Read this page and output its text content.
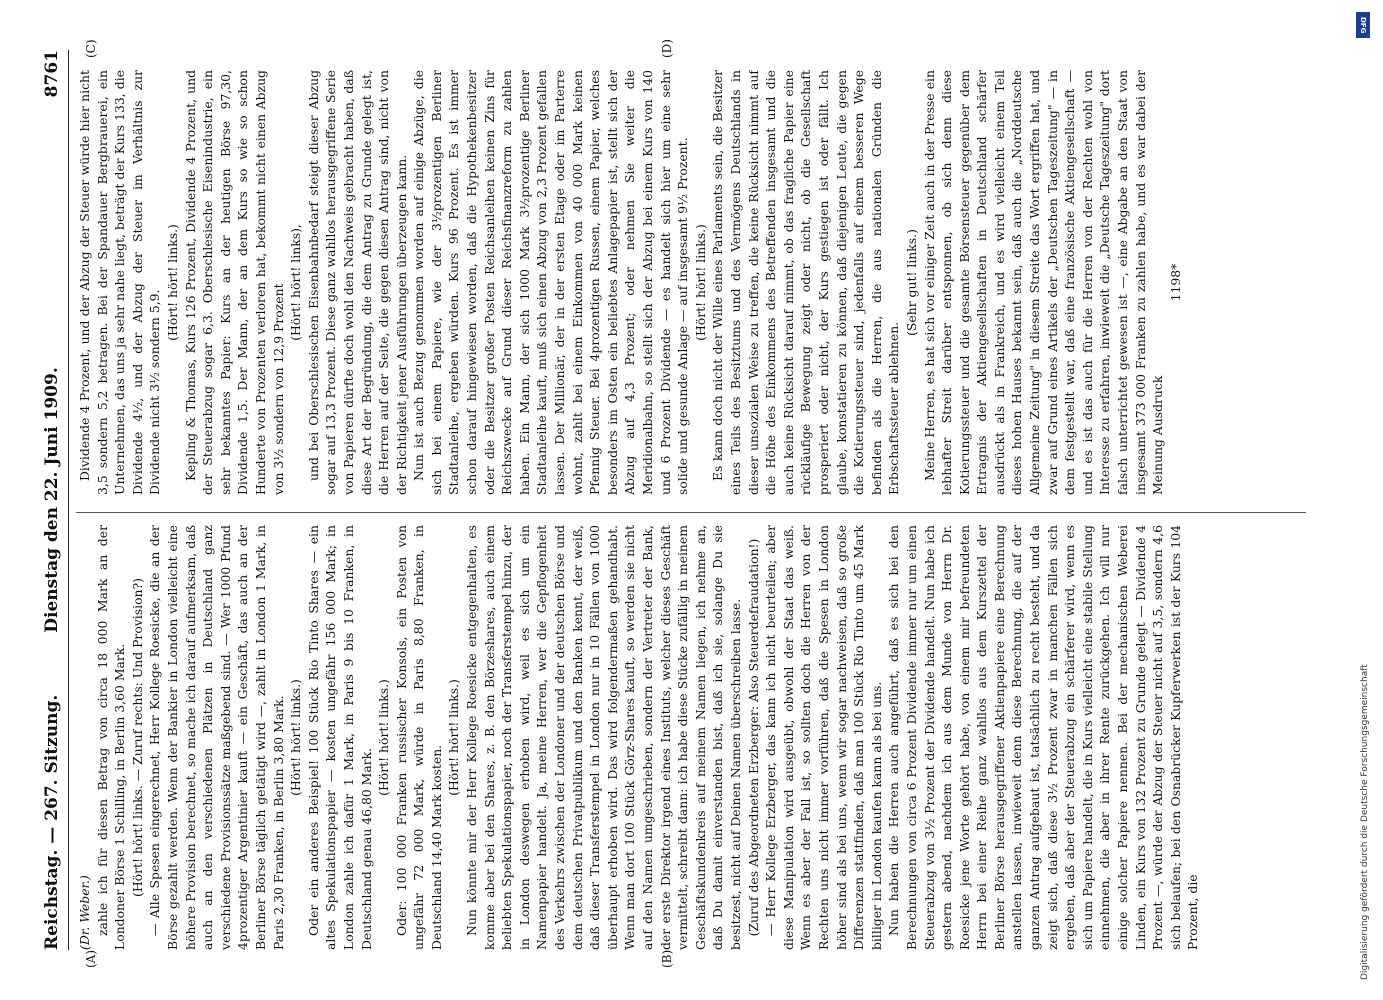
DFG
Digitalisierung gefördert durch die Deutsche Forschungsgemeinschaft
Reichstag. — 267. Sitzung.
Dienstag den 22. Juni 1909.
8761
(A)	(B)
(C)	(D)

(Dr. Weber.) zahle ich für diesen Betrag von circa 18 000 Mark an der Londoner Börse 1 Schilling, in Berlin 3,60 Mark. (Hört! hört! links. — Zuruf rechts: Und Provision?) — Alle Spesen eingerechnet, Herr Kollege Roesicke, die an der Börse gezahlt werden. Wenn der Bankier in London vielleicht eine höhere Provision berechnet, so mache ich darauf aufmerksam, daß auch an den verschiedenen Plätzen in Deutschland ganz verschiedene Provisionssätze maßgebend sind. — Wer 1000 Pfund 4prozentiger Argentinier kauft — ein Geschäft, das auch an der Berliner Börse täglich getätigt wird —, zahlt in London 1 Mark, in Paris 2,30 Franken, in Berlin 3,80 Mark. (Hört! hört! links.) Oder ein anderes Beispiel! 100 Stück Rio Tinto Shares — ein altes Spekulationspapier — kosten ungefähr 156 000 Mark; in London zahle ich dafür 1 Mark, in Paris 9 bis 10 Franken, in Deutschland genau 46,80 Mark.

(Hört! hört! links.) Oder: 100 000 Franken russischer Konsols, ein Posten von ungefähr 72 000 Mark, würde in Paris 8,80 Franken, in Deutschland 14,40 Mark kosten.

(Hört! hört! links.) Nun könnte mir der Herr Kollege Roesicke entgegenhalten, es komme aber bei den Shares, z. B. den Börzeshares, auch einem beliebten Spekulationspapier, noch der Transferstempel hinzu, der in London deswegen erhoben wird, weil es sich um ein Namenpapier handelt. Ja, meine Herren, wer die Gepflogenheit des Verkehrs zwischen der Londoner und der deutschen Börse und dem deutschen Privatpublikum und den Banken kennt, der weiß, daß dieser Transferstempel in London nur in 10 Fällen von 1000 überhaupt erhoben wird. Das wird folgendermaßen gehandhabt. Wenn man dort 100 Stück Görz-Shares kauft, so werden sie nicht auf den Namen umgeschrieben, sondern der Vertreter der Bank, der erste Direktor irgend eines Instituts, welcher dieses Geschäft vermittelt, schreibt dann: ich habe diese Stücke zufällig in meinem Geschäftskundenkreis auf meinem Namen liegen, ich nehme an, daß Du damit einverstanden bist, daß ich sie, solange Du sie besitzest, nicht auf Deinen Namen überschreiben lasse. (Zuruf des Abgeordneten Erzberger: Also Steuerdefraudation!) — Herr Kollege Erzberger, das kann ich nicht beurteilen; aber diese Manipulation wird ausgeübt, obwohl der Staat das weiß. Wenn es aber der Fall ist, so sollten doch die Herren von der Rechten uns nicht immer vorführen, daß die Spesen in London höher sind als bei uns, wenn wir sogar nachweisen, daß so große Differenzen stattfinden, daß man 100 Stück Rio Tinto um 45 Mark billiger in London kaufen kann als bei uns. Nun haben die Herren auch angeführt, daß es sich bei den Berechnungen von circa 6 Prozent Dividende immer nur um einen Steuerabzug von 3½ Prozent der Dividende handelt. Nun habe ich gestern abend, nachdem ich aus dem Munde von Herrn Dr. Roesicke jene Worte gehört habe, von einem mir befreundeten Herrn bei einer Reihe ganz wahllos aus dem Kurszettel der Berliner Börse herausgegriffener Aktienpapiere eine Berechnung anstellen lassen, inwieweit denn diese Berechnung, die auf der ganzen Antrag aufgebaut ist, tatsächlich zu recht besteht, und da zeigt sich, daß diese 3½ Prozent zwar in manchen Fällen sich ergeben, daß aber der Steuerabzug ein schärferer wird, wenn es sich um Papiere handelt, die in Kurs vielleicht eine stabile Stellung einnehmen, die aber in ihrer Rente zurückgehen. Ich will nur einige solcher Papiere nennen. Bei der mechanischen Weberei Linden, ein Kurs von 132 Prozent zu Grunde gelegt — Dividende 4 Prozent —, würde der Abzug der Steuer nicht auf 3,5, sondern 4,6 sich belaufen; bei den Osnabrücker Kupferwerken ist der Kurs 104 Prozent, die

Dividende 4 Prozent, und der Abzug der Steuer würde hier nicht 3,5 sondern 5,2 betragen. Bei der Spandauer Bergbrauerei, ein Unternehmen, das uns ja sehr nahe liegt, beträgt der Kurs 133, die Dividende 4½, und der Abzug der Steuer im Verhältnis zur Dividende nicht 3½ sondern 5,9.

(Hört! hört! links.) Kepling & Thomas, Kurs 126 Prozent, Dividende 4 Prozent, und der Steuerabzug sogar 6,3. Oberschlesische Eisenindustrie, ein sehr bekanntes Papier: Kurs an der heutigen Börse 97,30, Dividende 1,5. Der Mann, der an dem Kurs so wie so schon Hunderte von Prozenten verloren hat, bekommt nicht einen Abzug von 3½ sondern von 12,9 Prozent

(Hört! hört! links), und bei Oberschlesischen Eisenbahnbedarf steigt dieser Abzug sogar auf 13,3 Prozent. Diese ganz wahllos herausgegriffene Serie von Papieren dürfte doch wohl den Nachweis gebracht haben, daß diese Art der Begründung, die dem Antrag zu Grunde gelegt ist, die Herren auf der Seite, die gegen diesen Antrag sind, nicht von der Richtigkeit jener Ausführungen überzeugen kann. Nun ist auch Bezug genommen worden auf einige Abzüge, die sich bei einem Papiere, wie der 3½prozentigen Berliner Stadtanleihe, ergeben würden. Kurs 96 Prozent. Es ist immer schon darauf hingewiesen worden, daß die Hypothekenbesitzer oder die Besitzer großer Posten Reichsanleihen keinen Zins für Reichszwecke auf Grund dieser Reichsfinanzreform zu zahlen haben. Ein Mann, der sich 1000 Mark 3½prozentige Berliner Stadtanleihe kauft, muß sich einen Abzug von 2,3 Prozent gefallen lassen. Der Millionär, der in der ersten Etage oder im Parterre wohnt, zahlt bei einem Einkommen von 40 000 Mark keinen Pfennig Steuer. Bei 4prozentigen Russen, einem Papier, welches besonders im Osten ein beliebtes Anlagepapier ist, stellt sich der Abzug auf 4,3 Prozent; oder nehmen Sie weiter die Meridionalbahn, so stellt sich der Abzug bei einem Kurs von 140 und 6 Prozent Dividende — es handelt sich hier um eine sehr solide und gesunde Anlage — auf insgesamt 9½ Prozent. (Hört! hört! links.) Es kann doch nicht der Wille eines Parlaments sein, die Besitzer eines Teils des Besitztums und des Vermögens Deutschlands in dieser unsozialen Weise zu treffen, die keine Rücksicht nimmt auf die Höhe des Einkommens des Betreffenden insgesamt und die auch keine Rücksicht darauf nimmt, ob das fragliche Papier eine rückläufige Bewegung zeigt oder nicht, ob die Gesellschaft prosperiert oder nicht, der Kurs gestiegen ist oder fällt. Ich glaube, konstatieren zu können, daß diejenigen Leute, die gegen die Kotierungssteuer sind, jedenfalls auf einem besseren Wege befinden als die Herren, die aus nationalen Gründen die Erbschaftssteuer ablehnen.

(Sehr gut! links.) Meine Herren, es hat sich vor einiger Zeit auch in der Presse ein lebhafter Streit darüber entsponnen, ob sich denn diese Kotierungssteuer und die gesamte Börsensteuer gegenüber dem Ertragnis der Aktiengesellschaften in Deutschland schärfer ausdrückt als in Frankreich, und es wird vielleicht einem Teil dieses hohen Hauses bekannt sein, daß auch die „Norddeutsche Allgemeine Zeitung" in diesem Streite das Wort ergriffen hat, und zwar auf Grund eines Artikels der „Deutschen Tageszeitung" — in dem festgestellt war, daß eine französische Aktiengesellschaft — und es ist das auch für die Herren von der Rechten wohl von Interesse zu erfahren, inwieweit die „Deutsche Tageszeitung" dort falsch unterrichtet gewesen ist —, eine Abgabe an den Staat von insgesamt 373 000 Franken zu zahlen habe, und es war dabei der Meinung Ausdruck

1198*
